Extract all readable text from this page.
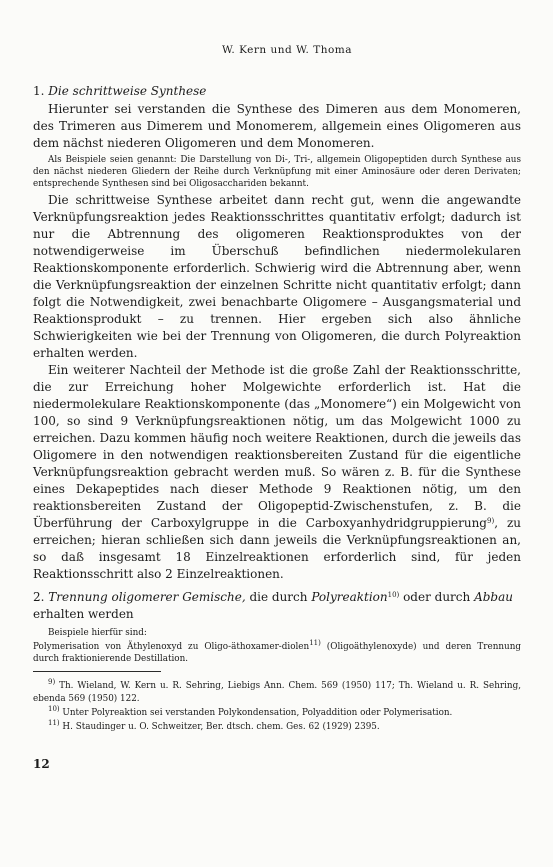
W. Kern und W. Thoma
1. Die schrittweise Synthese

Hierunter sei verstanden die Synthese des Dimeren aus dem Monomeren, des Trimeren aus Dimerem und Monomerem, allgemein eines Oligomeren aus dem nächst niederen Oligomeren und dem Monomeren.

Als Beispiele seien genannt: Die Darstellung von Di-, Tri-, allgemein Oligopeptiden durch Synthese aus den nächst niederen Gliedern der Reihe durch Verknüpfung mit einer Aminosäure oder deren Derivaten; entsprechende Synthesen sind bei Oligosacchariden bekannt.

Die schrittweise Synthese arbeitet dann recht gut, wenn die angewandte Verknüpfungsreaktion jedes Reaktionsschrittes quantitativ erfolgt; dadurch ist nur die Abtrennung des oligomeren Reaktionsproduktes von der notwendigerweise im Überschuß befindlichen niedermolekularen Reaktionskomponente erforderlich. Schwierig wird die Abtrennung aber, wenn die Verknüpfungsreaktion der einzelnen Schritte nicht quantitativ erfolgt; dann folgt die Notwendigkeit, zwei benachbarte Oligomere – Ausgangsmaterial und Reaktionsprodukt – zu trennen. Hier ergeben sich also ähnliche Schwierigkeiten wie bei der Trennung von Oligomeren, die durch Polyreaktion erhalten werden.

Ein weiterer Nachteil der Methode ist die große Zahl der Reaktionsschritte, die zur Erreichung hoher Molgewichte erforderlich ist. Hat die niedermolekulare Reaktionskomponente (das „Monomere“) ein Molgewicht von 100, so sind 9 Verknüpfungsreaktionen nötig, um das Molgewicht 1000 zu erreichen. Dazu kommen häufig noch weitere Reaktionen, durch die jeweils das Oligomere in den notwendigen reaktionsbereiten Zustand für die eigentliche Verknüpfungsreaktion gebracht werden muß. So wären z. B. für die Synthese eines Dekapeptides nach dieser Methode 9 Reaktionen nötig, um den reaktionsbereiten Zustand der Oligopeptid-Zwischenstufen, z. B. die Überführung der Carboxylgruppe in die Carboxyanhydridgruppierung$^{9)}$, zu erreichen; hieran schließen sich dann jeweils die Verknüpfungsreaktionen an, so daß insgesamt 18 Einzelreaktionen erforderlich sind, für jeden Reaktionsschritt also 2 Einzelreaktionen.

2. Trennung oligomerer Gemische, die durch Polyreaktion$^{10)}$ oder durch Abbau erhalten werden

Beispiele hierfür sind:

Polymerisation von Äthylenoxyd zu Oligo-äthoxamer-diolen$^{11)}$ (Oligoäthylenoxyde) und deren Trennung durch fraktionierende Destillation.

$^{9)}$ Th. Wieland, W. Kern u. R. Sehring, Liebigs Ann. Chem. 569 (1950) 117; Th. Wieland u. R. Sehring, ebenda 569 (1950) 122.

$^{10)}$ Unter Polyreaktion sei verstanden Polykondensation, Polyaddition oder Polymerisation.

$^{11)}$ H. Staudinger u. O. Schweitzer, Ber. dtsch. chem. Ges. 62 (1929) 2395.

12
